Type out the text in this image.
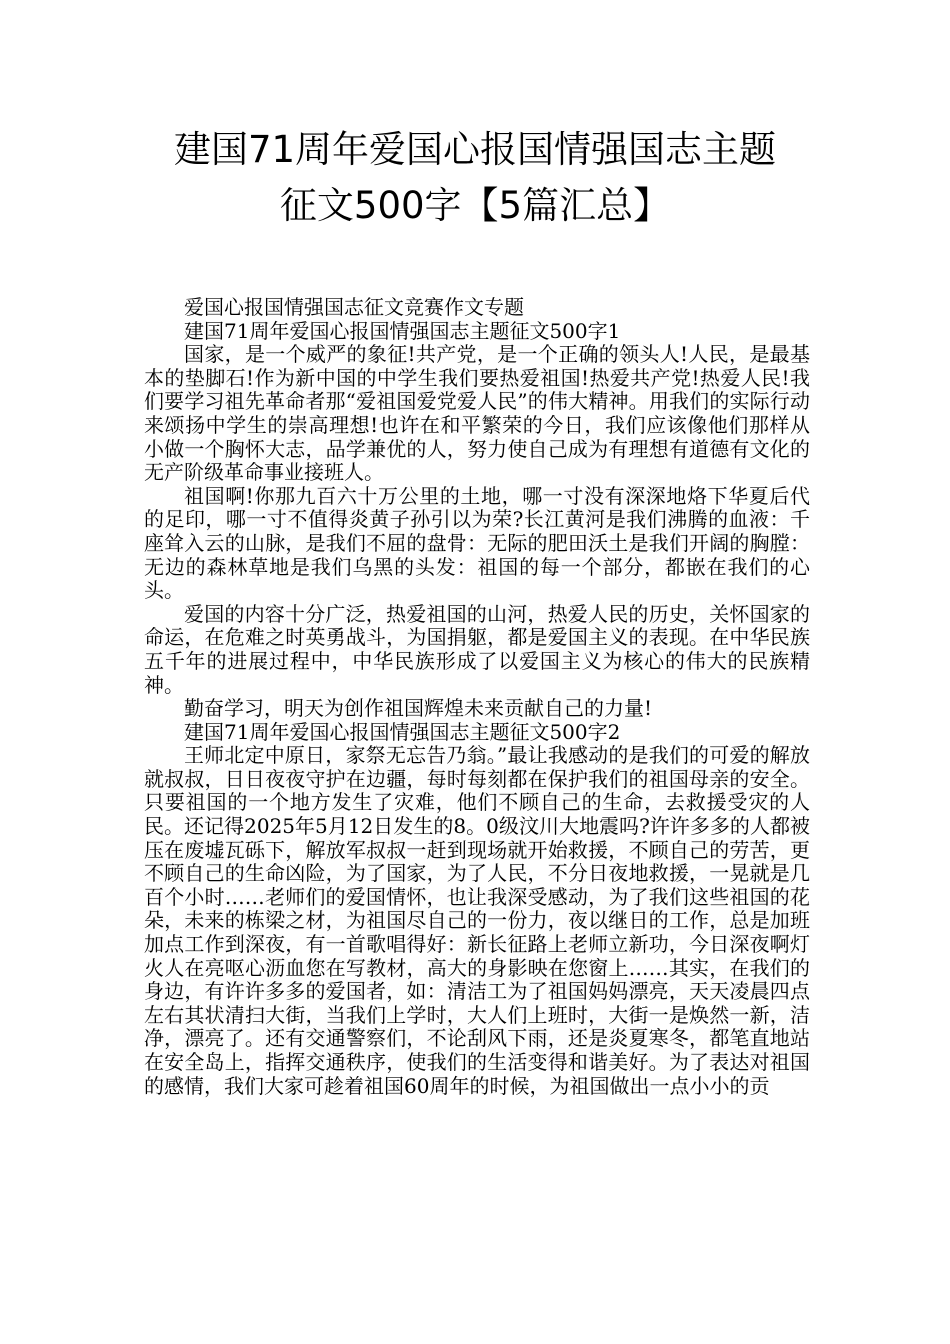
建国71周年爱国心报国情强国志主题
征文500字【5篇汇总】

爱国心报国情强国志征文竞赛作文专题

建国71周年爱国心报国情强国志主题征文500字1

国家，是一个威严的象征!共产党，是一个正确的领头人!人民，是最基本的垫脚石!作为新中国的中学生我们要热爱祖国!热爱共产党!热爱人民!我们要学习祖先革命者那“爱祖国爱党爱人民”的伟大精神。用我们的实际行动来颂扬中学生的崇高理想!也许在和平繁荣的今日，我们应该像他们那样从小做一个胸怀大志，品学兼优的人，努力使自己成为有理想有道德有文化的无产阶级革命事业接班人。

祖国啊!你那九百六十万公里的土地，哪一寸没有深深地烙下华夏后代的足印，哪一寸不值得炎黄子孙引以为荣?长江黄河是我们沸腾的血液：千座耸入云的山脉，是我们不屈的盘骨：无际的肥田沃土是我们开阔的胸膛：无边的森林草地是我们乌黑的头发：祖国的每一个部分，都嵌在我们的心头。

爱国的内容十分广泛，热爱祖国的山河，热爱人民的历史，关怀国家的命运，在危难之时英勇战斗，为国捐躯，都是爱国主义的表现。在中华民族五千年的进展过程中，中华民族形成了以爱国主义为核心的伟大的民族精神。

勤奋学习，明天为创作祖国辉煌未来贡献自己的力量!

建国71周年爱国心报国情强国志主题征文500字2

王师北定中原日，家祭无忘告乃翁。”最让我感动的是我们的可爱的解放就叔叔，日日夜夜守护在边疆，每时每刻都在保护我们的祖国母亲的安全。只要祖国的一个地方发生了灾难，他们不顾自己的生命，去救援受灾的人民。还记得2025年5月12日发生的8。0级汶川大地震吗?许许多多的人都被压在废墟瓦砾下，解放军叔叔一赶到现场就开始救援，不顾自己的劳苦，更不顾自己的生命凶险，为了国家，为了人民，不分日夜地救援，一晃就是几百个小时……老师们的爱国情怀，也让我深受感动，为了我们这些祖国的花朵，未来的栋梁之材，为祖国尽自己的一份力，夜以继日的工作，总是加班加点工作到深夜，有一首歌唱得好：新长征路上老师立新功，今日深夜啊灯火人在亮呕心沥血您在写教材，高大的身影映在您窗上……其实，在我们的身边，有许许多多的爱国者，如：清洁工为了祖国妈妈漂亮，天天凌晨四点左右其状清扫大街，当我们上学时，大人们上班时，大街一是焕然一新，洁净，漂亮了。还有交通警察们，不论刮风下雨，还是炎夏寒冬，都笔直地站在安全岛上，指挥交通秩序，使我们的生活变得和谐美好。为了表达对祖国的感情，我们大家可趁着祖国60周年的时候，为祖国做出一点小小的贡
